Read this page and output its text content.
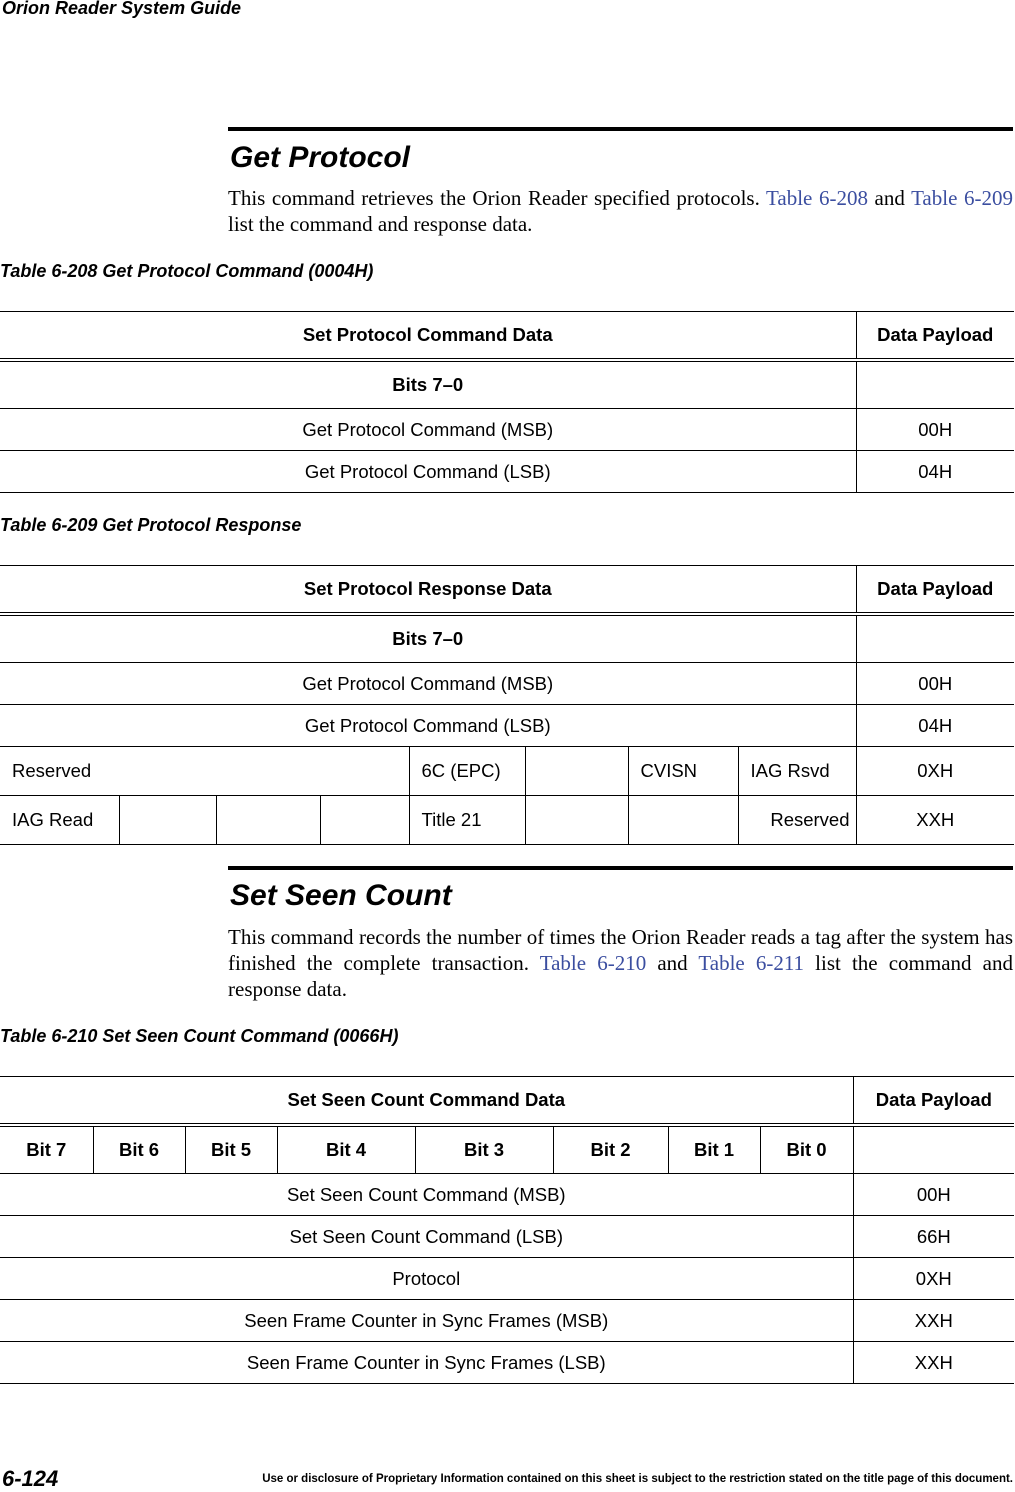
Orion Reader System Guide
Get Protocol
This command retrieves the Orion Reader specified protocols. Table 6-208 and Table 6-209 list the command and response data.
Table 6-208 Get Protocol Command (0004H)
Set Protocol Command Data	Data Payload
Bits 7–0	
Get Protocol Command (MSB)	00H
Get Protocol Command (LSB)	04H
Table 6-209 Get Protocol Response
Set Protocol Response Data								Data Payload
Bits 7–0								
Get Protocol Command (MSB)								00H
Get Protocol Command (LSB)								04H
Reserved				6C (EPC)		CVISN	IAG Rsvd	0XH
IAG Read				Title 21			Reserved	XXH
Set Seen Count
This command records the number of times the Orion Reader reads a tag after the system has finished the complete transaction. Table 6-210 and Table 6-211 list the command and response data.
Table 6-210 Set Seen Count Command (0066H)
Set Seen Count Command Data								Data Payload
Bit 7	Bit 6	Bit 5	Bit 4	Bit 3	Bit 2	Bit 1	Bit 0	
Set Seen Count Command (MSB)								00H
Set Seen Count Command (LSB)								66H
Protocol								0XH
Seen Frame Counter in Sync Frames (MSB)								XXH
Seen Frame Counter in Sync Frames (LSB)								XXH
6-124	Use or disclosure of Proprietary Information contained on this sheet is subject to the restriction stated on the title page of this document.
